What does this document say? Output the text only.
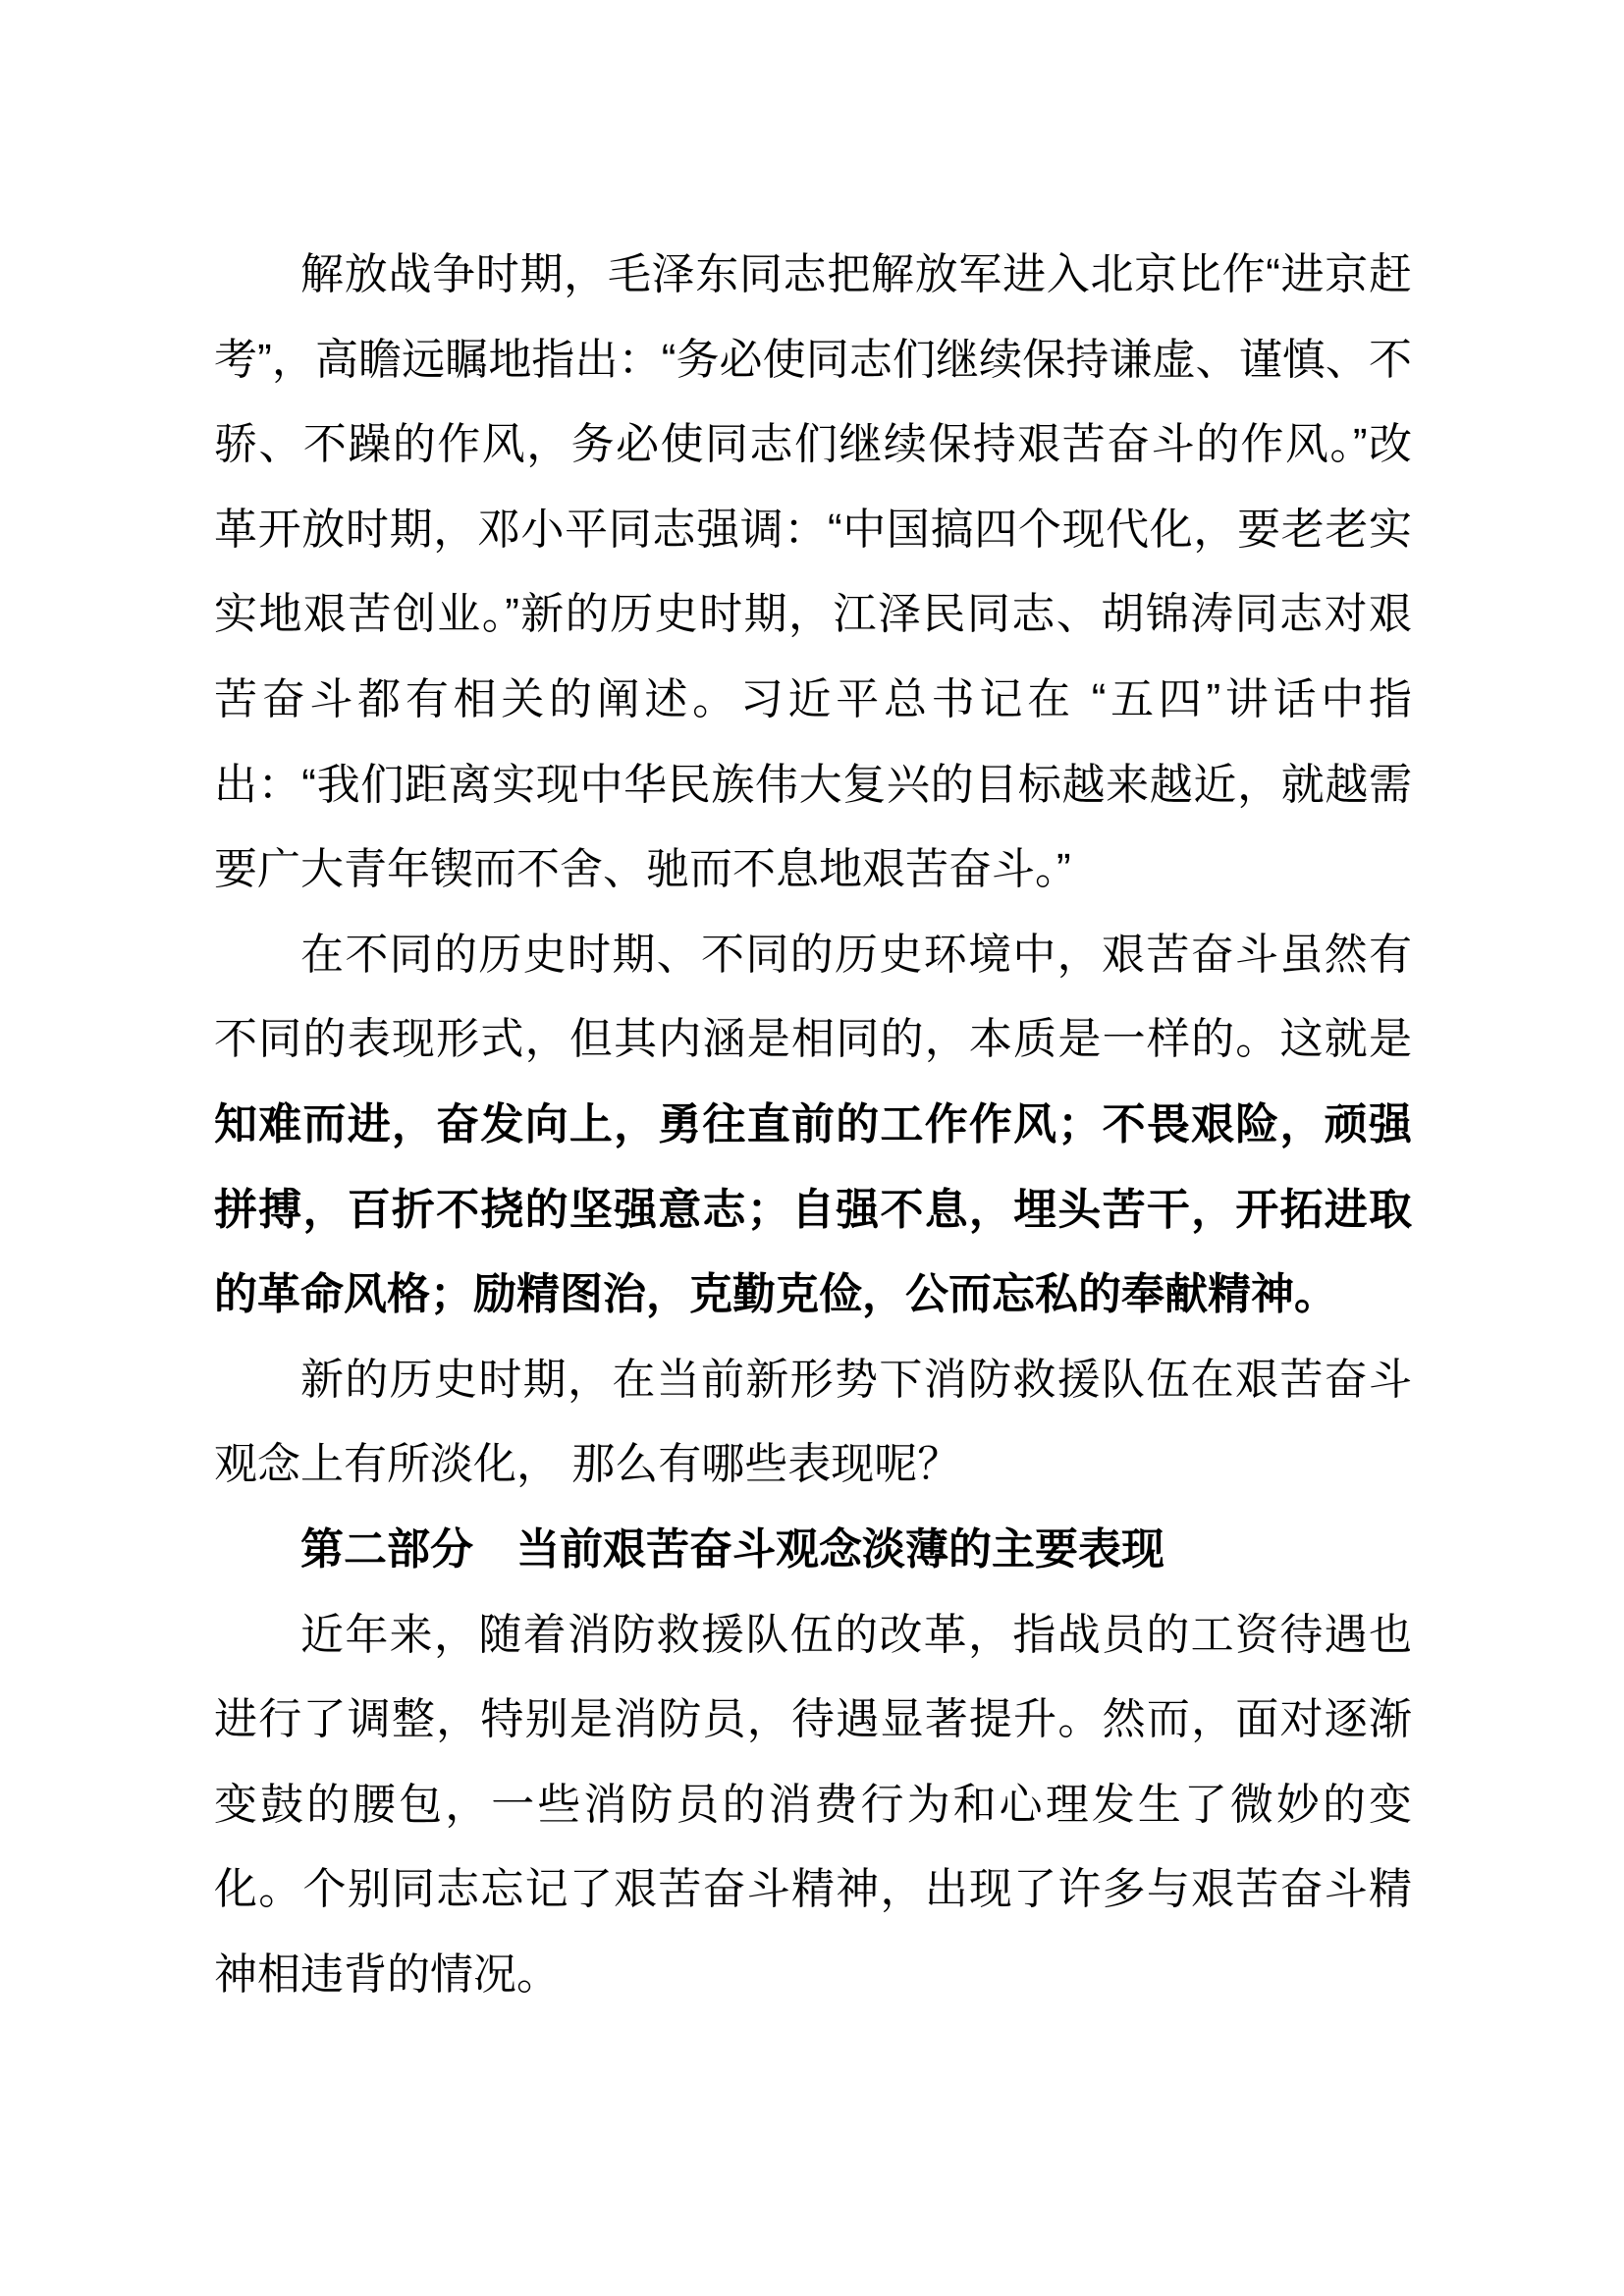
解放战争时期，毛泽东同志把解放军进入北京比作“进京赶考”，高瞻远瞩地指出：“务必使同志们继续保持谦虚、谨慎、不骄、不躁的作风，务必使同志们继续保持艰苦奋斗的作风。”改革开放时期，邓小平同志强调：“中国搞四个现代化，要老老实实地艰苦创业。”新的历史时期，江泽民同志、胡锦涛同志对艰苦奋斗都有相关的阐述。习近平总书记在 “五四”讲话中指出：“我们距离实现中华民族伟大复兴的目标越来越近，就越需要广大青年锲而不舍、驰而不息地艰苦奋斗。”

在不同的历史时期、不同的历史环境中，艰苦奋斗虽然有不同的表现形式，但其内涵是相同的，本质是一样的。这就是知难而进，奋发向上，勇往直前的工作作风；不畏艰险，顽强拼搏，百折不挠的坚强意志；自强不息，埋头苦干，开拓进取的革命风格；励精图治，克勤克俭，公而忘私的奉献精神。

新的历史时期，在当前新形势下消防救援队伍在艰苦奋斗观念上有所淡化， 那么有哪些表现呢？

第二部分　当前艰苦奋斗观念淡薄的主要表现

近年来，随着消防救援队伍的改革，指战员的工资待遇也进行了调整，特别是消防员，待遇显著提升。然而，面对逐渐变鼓的腰包，一些消防员的消费行为和心理发生了微妙的变化。个别同志忘记了艰苦奋斗精神，出现了许多与艰苦奋斗精神相违背的情况。
